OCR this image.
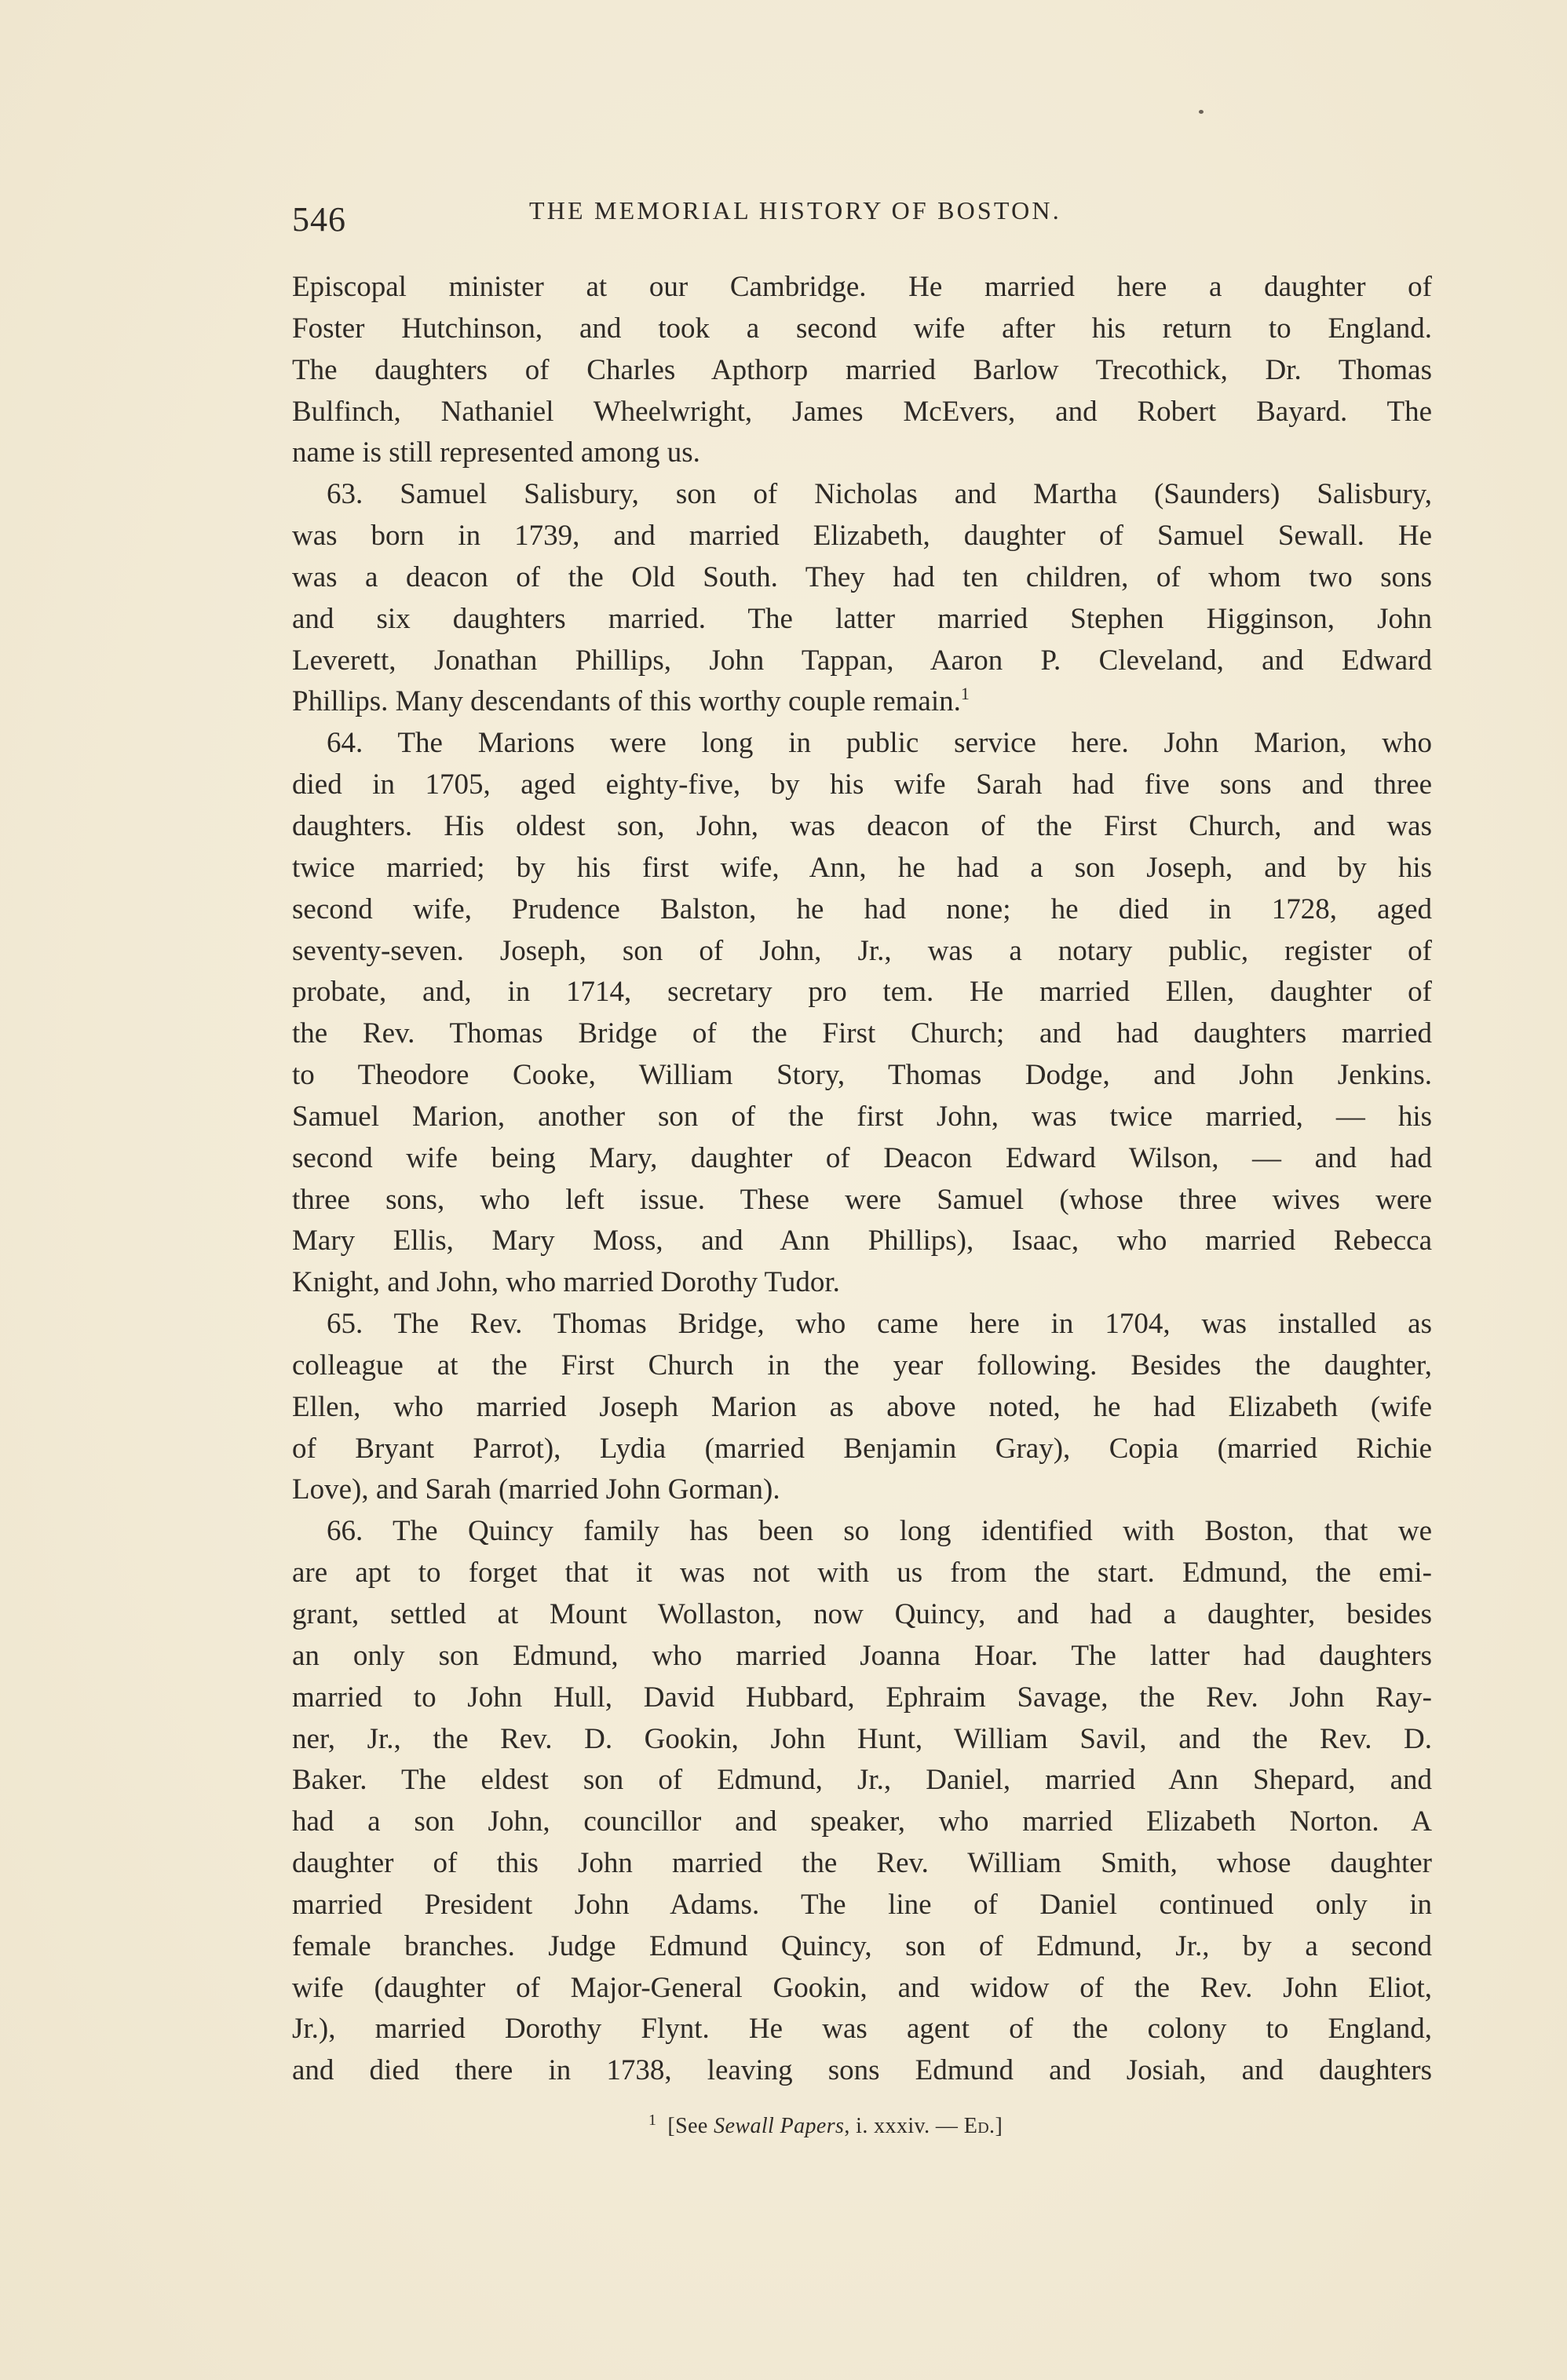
546	THE MEMORIAL HISTORY OF BOSTON.
Episcopal minister at our Cambridge. He married here a daughter of
Foster Hutchinson, and took a second wife after his return to England.
The daughters of Charles Apthorp married Barlow Trecothick, Dr. Thomas
Bulfinch, Nathaniel Wheelwright, James McEvers, and Robert Bayard. The
name is still represented among us.
63. Samuel Salisbury, son of Nicholas and Martha (Saunders) Salisbury,
was born in 1739, and married Elizabeth, daughter of Samuel Sewall. He
was a deacon of the Old South. They had ten children, of whom two sons
and six daughters married. The latter married Stephen Higginson, John
Leverett, Jonathan Phillips, John Tappan, Aaron P. Cleveland, and Edward
Phillips. Many descendants of this worthy couple remain.$^1$
64. The Marions were long in public service here. John Marion, who
died in 1705, aged eighty-five, by his wife Sarah had five sons and three
daughters. His oldest son, John, was deacon of the First Church, and was
twice married; by his first wife, Ann, he had a son Joseph, and by his
second wife, Prudence Balston, he had none; he died in 1728, aged
seventy-seven. Joseph, son of John, Jr., was a notary public, register of
probate, and, in 1714, secretary pro tem. He married Ellen, daughter of
the Rev. Thomas Bridge of the First Church; and had daughters married
to Theodore Cooke, William Story, Thomas Dodge, and John Jenkins.
Samuel Marion, another son of the first John, was twice married, — his
second wife being Mary, daughter of Deacon Edward Wilson, — and had
three sons, who left issue. These were Samuel (whose three wives were
Mary Ellis, Mary Moss, and Ann Phillips), Isaac, who married Rebecca
Knight, and John, who married Dorothy Tudor.
65. The Rev. Thomas Bridge, who came here in 1704, was installed as
colleague at the First Church in the year following. Besides the daughter,
Ellen, who married Joseph Marion as above noted, he had Elizabeth (wife
of Bryant Parrot), Lydia (married Benjamin Gray), Copia (married Richie
Love), and Sarah (married John Gorman).
66. The Quincy family has been so long identified with Boston, that we
are apt to forget that it was not with us from the start. Edmund, the emi-
grant, settled at Mount Wollaston, now Quincy, and had a daughter, besides
an only son Edmund, who married Joanna Hoar. The latter had daughters
married to John Hull, David Hubbard, Ephraim Savage, the Rev. John Ray-
ner, Jr., the Rev. D. Gookin, John Hunt, William Savil, and the Rev. D.
Baker. The eldest son of Edmund, Jr., Daniel, married Ann Shepard, and
had a son John, councillor and speaker, who married Elizabeth Norton. A
daughter of this John married the Rev. William Smith, whose daughter
married President John Adams. The line of Daniel continued only in
female branches. Judge Edmund Quincy, son of Edmund, Jr., by a second
wife (daughter of Major-General Gookin, and widow of the Rev. John Eliot,
Jr.), married Dorothy Flynt. He was agent of the colony to England,
and died there in 1738, leaving sons Edmund and Josiah, and daughters
$^1$ [See Sewall Papers, i. xxxiv. — Ed.]
